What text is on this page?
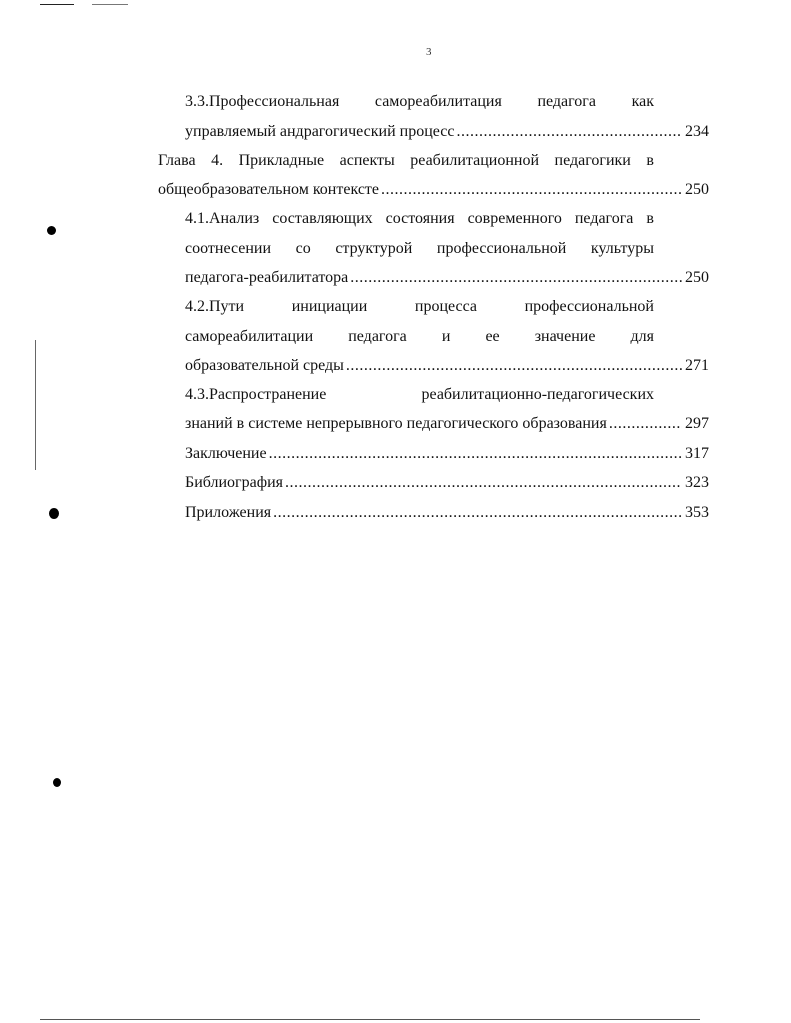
3
3.3.Профессиональная самореабилитация педагога как
управляемый андрагогический процесс .....	234
Глава 4. Прикладные аспекты реабилитационной педагогики в
общеобразовательном контексте .....	250
4.1.Анализ составляющих состояния современного педагога в
соотнесении со структурой профессиональной культуры
педагога-реабилитатора .....	250
4.2.Пути	инициации	процесса	профессиональной
самореабилитации педагога и ее значение для
образовательной среды .....	271
4.3.Распространение	реабилитационно-педагогических
знаний в системе непрерывного педагогического образования .....	297
Заключение .....	317
Библиография .....	323
Приложения .....	353
